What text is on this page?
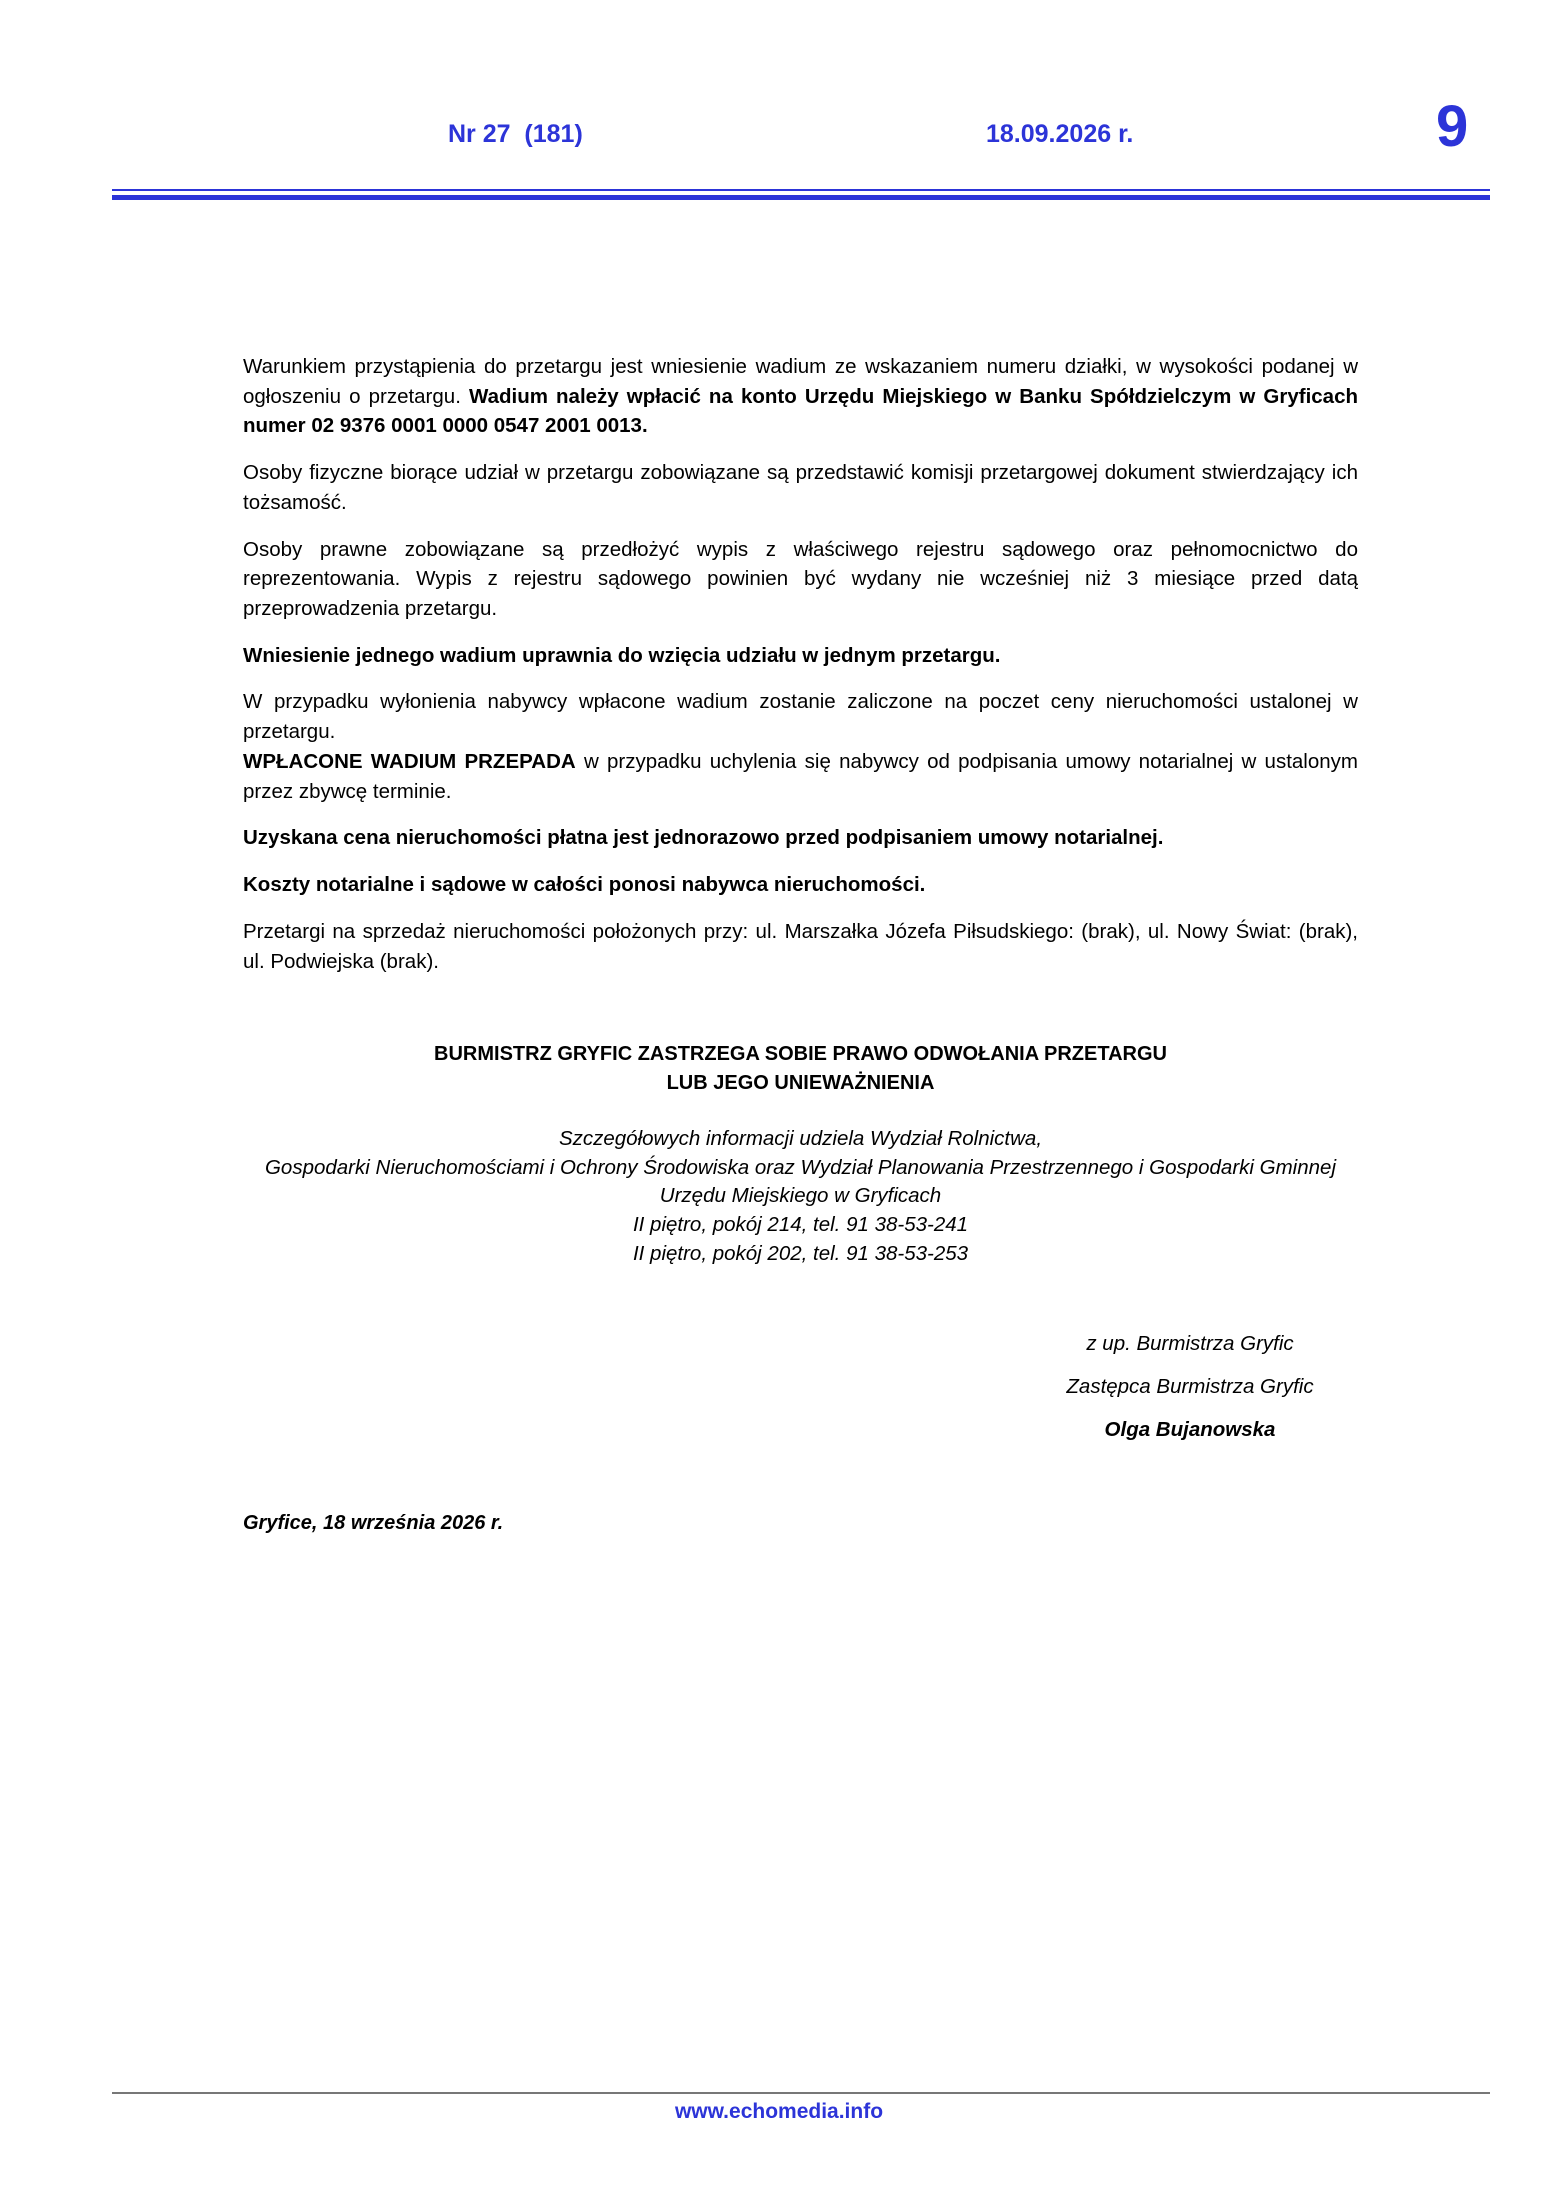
Nr 27  (181)	18.09.2026 r.	9

Warunkiem przystąpienia do przetargu jest wniesienie wadium ze wskazaniem numeru działki, w wysokości podanej w ogłoszeniu o przetargu. Wadium należy wpłacić na konto Urzędu Miejskiego w Banku Spółdzielczym w Gryficach numer 02 9376 0001 0000 0547 2001 0013.

Osoby fizyczne biorące udział w przetargu zobowiązane są przedstawić komisji przetargowej dokument stwierdzający ich tożsamość.

Osoby prawne zobowiązane są przedłożyć wypis z właściwego rejestru sądowego oraz pełnomocnictwo do reprezentowania. Wypis z rejestru sądowego powinien być wydany nie wcześniej niż 3 miesiące przed datą przeprowadzenia przetargu.

Wniesienie jednego wadium uprawnia do wzięcia udziału w jednym przetargu.

W przypadku wyłonienia nabywcy wpłacone wadium zostanie zaliczone na poczet ceny nieruchomości ustalonej w przetargu.
WPŁACONE WADIUM PRZEPADA w przypadku uchylenia się nabywcy od podpisania umowy notarialnej w ustalonym przez zbywcę terminie.

Uzyskana cena nieruchomości płatna jest jednorazowo przed podpisaniem umowy notarialnej.

Koszty notarialne i sądowe w całości ponosi nabywca nieruchomości.

Przetargi na sprzedaż nieruchomości położonych przy: ul. Marszałka Józefa Piłsudskiego: (brak), ul. Nowy Świat: (brak), ul. Podwiejska (brak).

BURMISTRZ GRYFIC ZASTRZEGA SOBIE PRAWO ODWOŁANIA PRZETARGU
LUB JEGO UNIEWAŻNIENIA
Szczegółowych informacji udziela Wydział Rolnictwa,
Gospodarki Nieruchomościami i Ochrony Środowiska oraz Wydział Planowania Przestrzennego i Gospodarki Gminnej
Urzędu Miejskiego w Gryficach
II piętro, pokój 214, tel. 91 38-53-241
II piętro, pokój 202, tel. 91 38-53-253
z up. Burmistrza Gryfic
Zastępca Burmistrza Gryfic
Olga Bujanowska
Gryfice, 18 września 2026 r.
www.echomedia.info
